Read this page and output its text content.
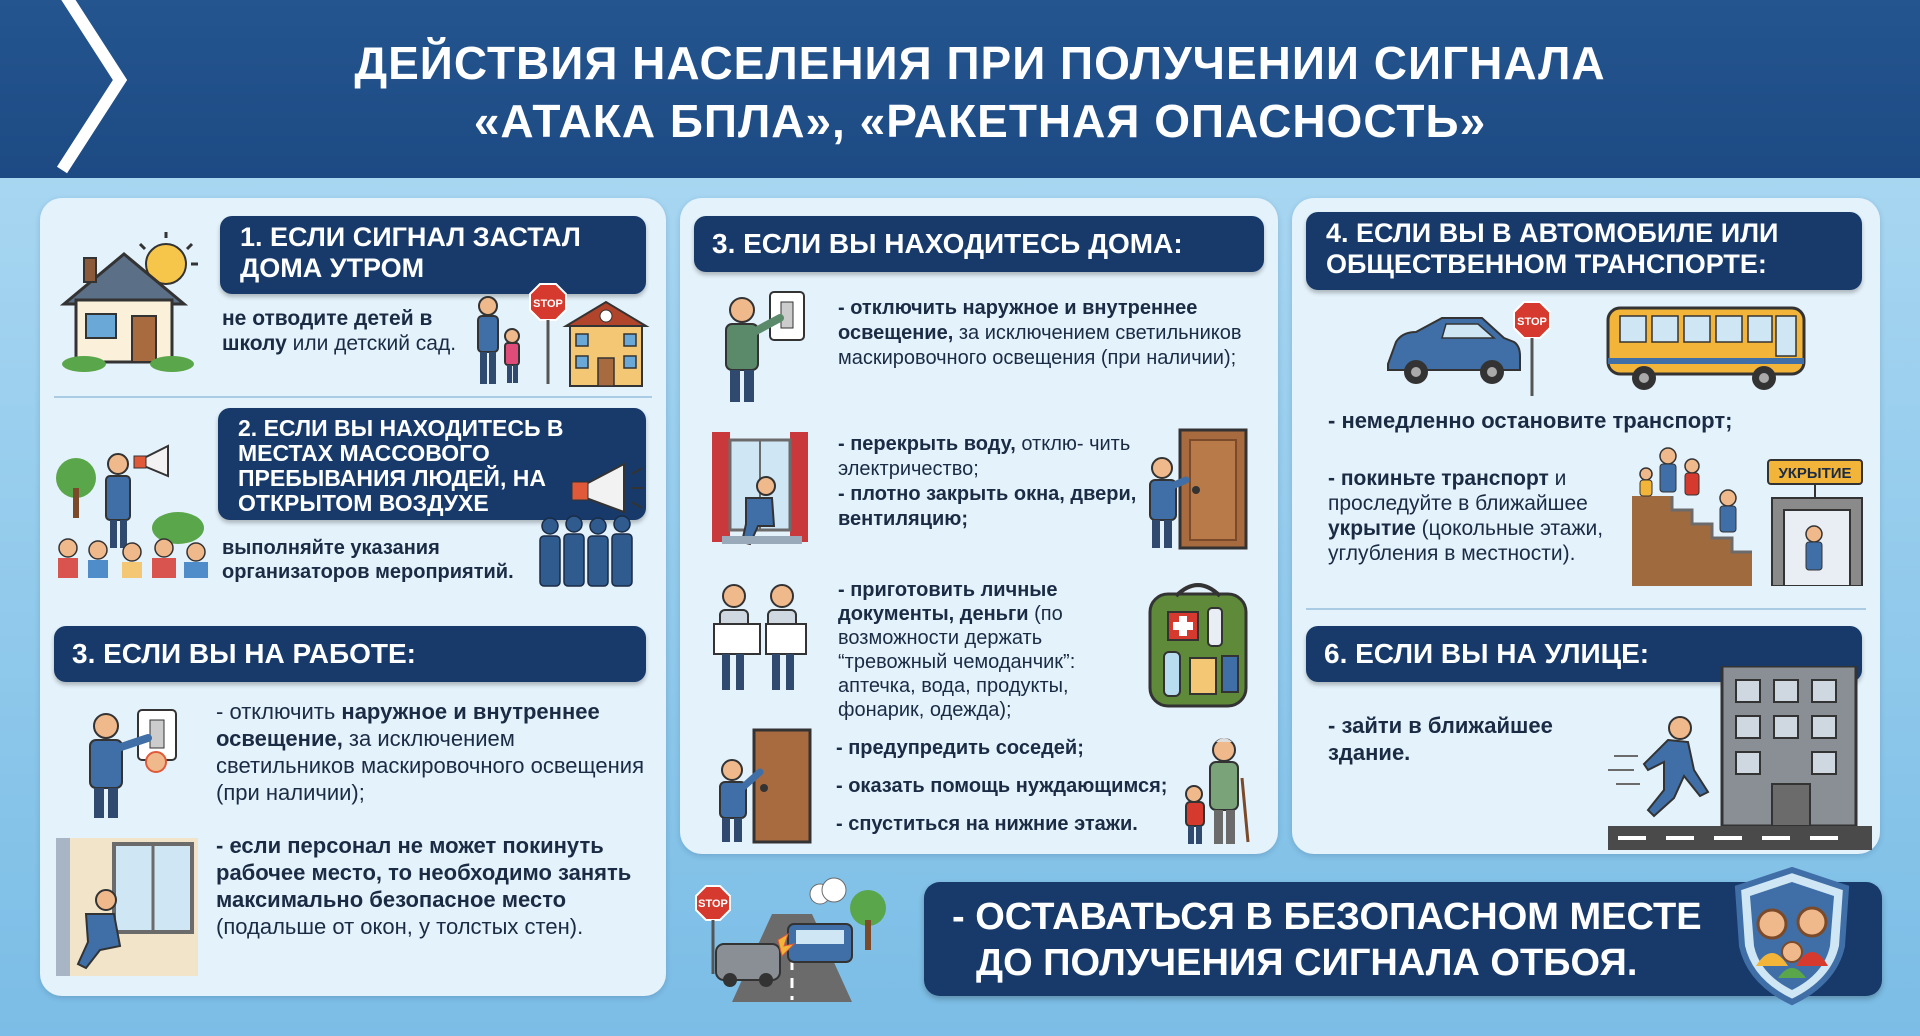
ДЕЙСТВИЯ НАСЕЛЕНИЯ ПРИ ПОЛУЧЕНИИ СИГНАЛА
«АТАКА БПЛА», «РАКЕТНАЯ ОПАСНОСТЬ»
1. ЕСЛИ СИГНАЛ ЗАСТАЛ ДОМА УТРОМ
не отводите детей в школу или детский сад.
STOP
2. ЕСЛИ ВЫ НАХОДИТЕСЬ В МЕСТАХ МАССОВОГО ПРЕБЫВАНИЯ ЛЮДЕЙ, НА ОТКРЫТОМ ВОЗДУХЕ
выполняйте указания организаторов мероприятий.
3. ЕСЛИ ВЫ НА РАБОТЕ:
- отключить наружное и внутреннее освещение, за исключением светильников маскировочного освещения (при наличии);
- если персонал не может покинуть рабочее место, то необходимо занять максимально безопасное место (подальше от окон, у толстых стен).
3. ЕСЛИ ВЫ НАХОДИТЕСЬ ДОМА:
- отключить наружное и внутреннее освещение, за исключением светильников маскировочного освещения (при наличии);
- перекрыть воду, отклю- чить электричество;
- плотно закрыть окна, двери, вентиляцию;
- приготовить личные документы, деньги (по возможности держать “тревожный чемоданчик”: аптечка, вода, продукты, фонарик, одежда);
- предупредить соседей;
- оказать помощь нуждающимся;
- спуститься на нижние этажи.
4. ЕСЛИ ВЫ В АВТОМОБИЛЕ ИЛИ ОБЩЕСТВЕННОМ ТРАНСПОРТЕ:
STOP
- немедленно остановите транспорт;
- покиньте транспорт и проследуйте в ближайшее укрытие (цокольные этажи, углубления в местности).
УКРЫТИЕ
6. ЕСЛИ ВЫ НА УЛИЦЕ:
- зайти в ближайшее здание.
STOP	- ОСТАВАТЬСЯ В БЕЗОПАСНОМ МЕСТЕ
ДО ПОЛУЧЕНИЯ СИГНАЛА ОТБОЯ.
